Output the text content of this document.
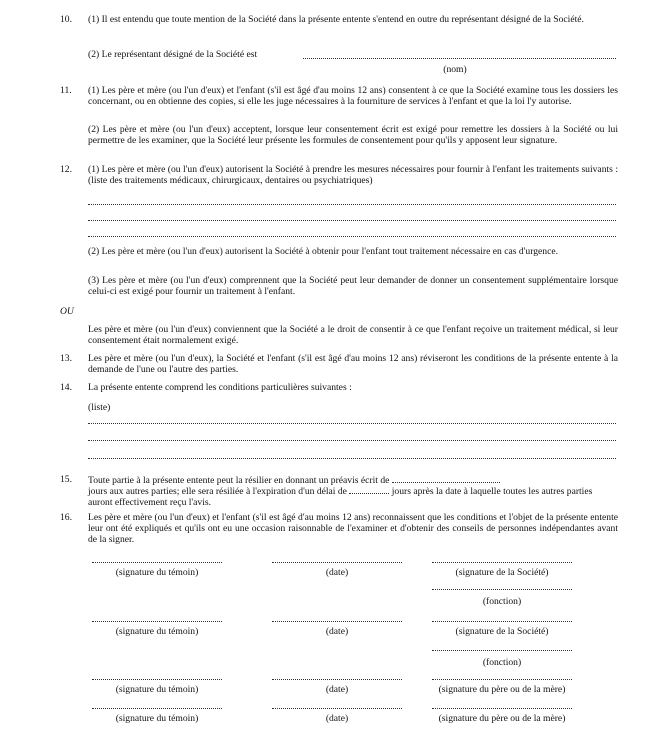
10.	(1) Il est entendu que toute mention de la Société dans la présente entente s'entend en outre du représentant désigné de la Société.

(2) Le représentant désigné de la Société est
(nom)
11.	(1) Les père et mère (ou l'un d'eux) et l'enfant (s'il est âgé d'au moins 12 ans) consentent à ce que la Société examine tous les dossiers les concernant, ou en obtienne des copies, si elle les juge nécessaires à la fourniture de services à l'enfant et que la loi l'y autorise.

(2) Les père et mère (ou l'un d'eux) acceptent, lorsque leur consentement écrit est exigé pour remettre les dossiers à la Société ou lui permettre de les examiner, que la Société leur présente les formules de consentement pour qu'ils y apposent leur signature.

12.	(1) Les père et mère (ou l'un d'eux) autorisent la Société à prendre les mesures nécessaires pour fournir à l'enfant les traitements suivants : (liste des traitements médicaux, chirurgicaux, dentaires ou psychiatriques)

(2) Les père et mère (ou l'un d'eux) autorisent la Société à obtenir pour l'enfant tout traitement nécessaire en cas d'urgence.

(3) Les père et mère (ou l'un d'eux) comprennent que la Société peut leur demander de donner un consentement supplémentaire lorsque celui-ci est exigé pour fournir un traitement à l'enfant.

OU

Les père et mère (ou l'un d'eux) conviennent que la Société a le droit de consentir à ce que l'enfant reçoive un traitement médical, si leur consentement était normalement exigé.

13.	Les père et mère (ou l'un d'eux), la Société et l'enfant (s'il est âgé d'au moins 12 ans) réviseront les conditions de la présente entente à la demande de l'une ou l'autre des parties.

14.	La présente entente comprend les conditions particulières suivantes :
(liste)
15.	Toute partie à la présente entente peut la résilier en donnant un préavis écrit de
jours aux autres parties; elle sera résiliée à l'expiration d'un délai de	jours après la date à laquelle toutes les autres parties auront effectivement reçu l'avis.
16.	Les père et mère (ou l'un d'eux) et l'enfant (s'il est âgé d'au moins 12 ans) reconnaissent que les conditions et l'objet de la présente entente leur ont été expliqués et qu'ils ont eu une occasion raisonnable de l'examiner et d'obtenir des conseils de personnes indépendantes avant de la signer.

(signature du témoin)	(date)	(signature de la Société)
(fonction)
(signature du témoin)	(date)	(signature de la Société)
(fonction)
(signature du témoin)	(date)	(signature du père ou de la mère)
(signature du témoin)	(date)	(signature du père ou de la mère)
